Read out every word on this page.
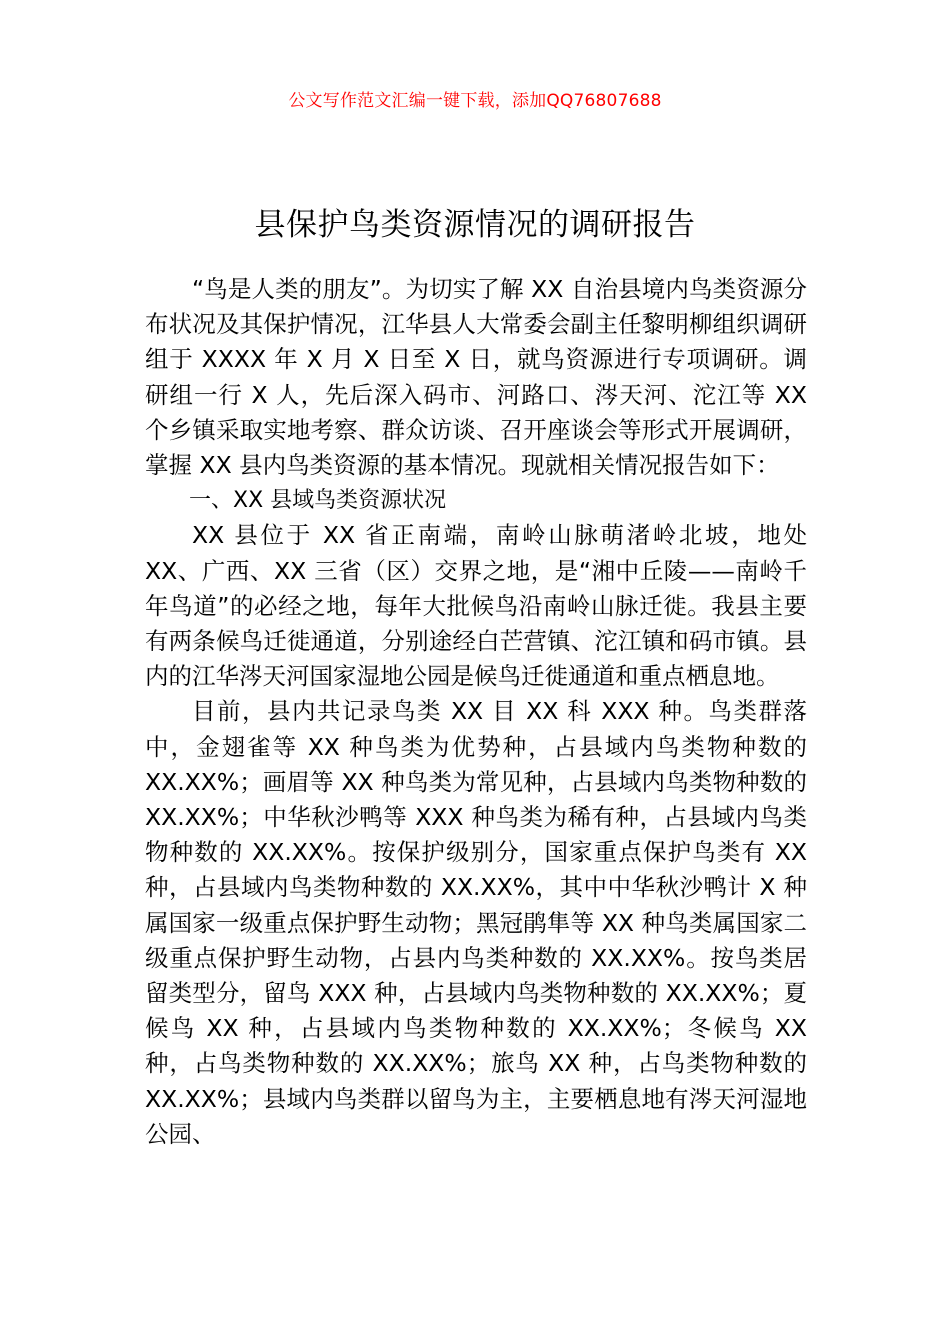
公文写作范文汇编一键下载，添加QQ76807688
县保护鸟类资源情况的调研报告

“鸟是人类的朋友”。为切实了解 XX 自治县境内鸟类资源分布状况及其保护情况，江华县人大常委会副主任黎明柳组织调研组于 XXXX 年 X 月 X 日至 X 日，就鸟资源进行专项调研。调研组一行 X 人，先后深入码市、河路口、涔天河、沱江等 XX 个乡镇采取实地考察、群众访谈、召开座谈会等形式开展调研，掌握 XX 县内鸟类资源的基本情况。现就相关情况报告如下：

一、XX 县域鸟类资源状况

XX 县位于 XX 省正南端，南岭山脉萌渚岭北坡，地处 XX、广西、XX 三省（区）交界之地，是“湘中丘陵——南岭千年鸟道”的必经之地，每年大批候鸟沿南岭山脉迁徙。我县主要有两条候鸟迁徙通道，分别途经白芒营镇、沱江镇和码市镇。县内的江华涔天河国家湿地公园是候鸟迁徙通道和重点栖息地。

目前，县内共记录鸟类 XX 目 XX 科 XXX 种。鸟类群落中，金翅雀等 XX 种鸟类为优势种，占县域内鸟类物种数的 XX.XX%；画眉等 XX 种鸟类为常见种，占县域内鸟类物种数的 XX.XX%；中华秋沙鸭等 XXX 种鸟类为稀有种，占县域内鸟类物种数的 XX.XX%。按保护级别分，国家重点保护鸟类有 XX 种，占县域内鸟类物种数的 XX.XX%，其中中华秋沙鸭计 X 种属国家一级重点保护野生动物；黑冠鹃隼等 XX 种鸟类属国家二级重点保护野生动物，占县内鸟类种数的 XX.XX%。按鸟类居留类型分，留鸟 XXX 种，占县域内鸟类物种数的 XX.XX%；夏候鸟 XX 种，占县域内鸟类物种数的 XX.XX%；冬候鸟 XX 种，占鸟类物种数的 XX.XX%；旅鸟 XX 种，占鸟类物种数的 XX.XX%；县域内鸟类群以留鸟为主，主要栖息地有涔天河湿地公园、
